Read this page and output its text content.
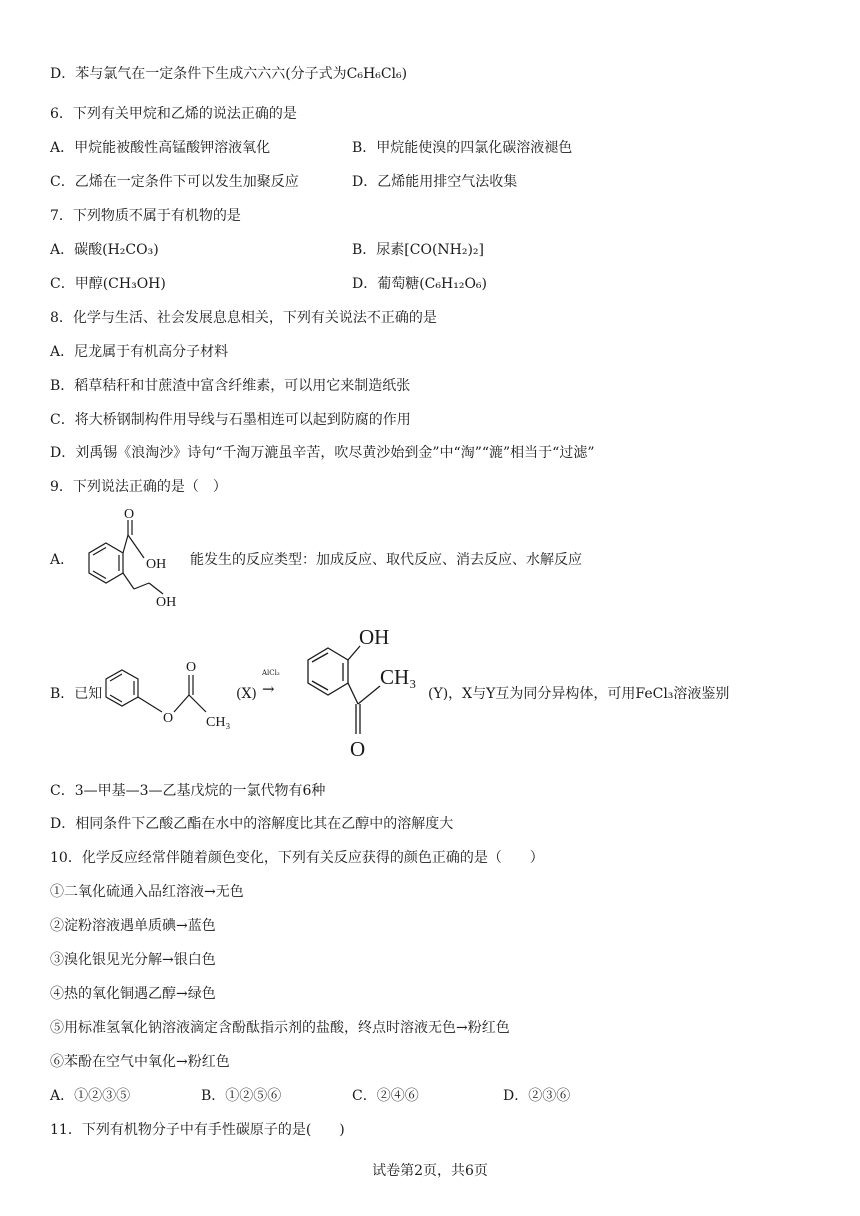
D．苯与氯气在一定条件下生成六六六(分子式为C₆H₆Cl₆)
6．下列有关甲烷和乙烯的说法正确的是
A．甲烷能被酸性高锰酸钾溶液氧化	B．甲烷能使溴的四氯化碳溶液褪色
C．乙烯在一定条件下可以发生加聚反应	D．乙烯能用排空气法收集
7．下列物质不属于有机物的是
A．碳酸(H₂CO₃)	B．尿素[CO(NH₂)₂]
C．甲醇(CH₃OH)	D．葡萄糖(C₆H₁₂O₆)
8．化学与生活、社会发展息息相关，下列有关说法不正确的是
A．尼龙属于有机高分子材料
B．稻草秸秆和甘蔗渣中富含纤维素，可以用它来制造纸张
C．将大桥钢制构件用导线与石墨相连可以起到防腐的作用
D．刘禹锡《浪淘沙》诗句“千淘万漉虽辛苦，吹尽黄沙始到金”中“淘”“漉”相当于“过滤”
9．下列说法正确的是（　）
A．
O
OH
OH
能发生的反应类型：加成反应、取代反应、消去反应、水解反应
B．已知
O
O
CH₃
(X) →
AlCl₃
OH
CH₃
O
(Y)，X与Y互为同分异构体，可用FeCl₃溶液鉴别
C．3—甲基—3—乙基戊烷的一氯代物有6种
D．相同条件下乙酸乙酯在水中的溶解度比其在乙醇中的溶解度大
10．化学反应经常伴随着颜色变化，下列有关反应获得的颜色正确的是（　　）
①二氧化硫通入品红溶液→无色
②淀粉溶液遇单质碘→蓝色
③溴化银见光分解→银白色
④热的氧化铜遇乙醇→绿色
⑤用标准氢氧化钠溶液滴定含酚酞指示剂的盐酸，终点时溶液无色→粉红色
⑥苯酚在空气中氧化→粉红色
A．①②③⑤	B．①②⑤⑥	C．②④⑥	D．②③⑥
11．下列有机物分子中有手性碳原子的是(　　)
试卷第2页，共6页
